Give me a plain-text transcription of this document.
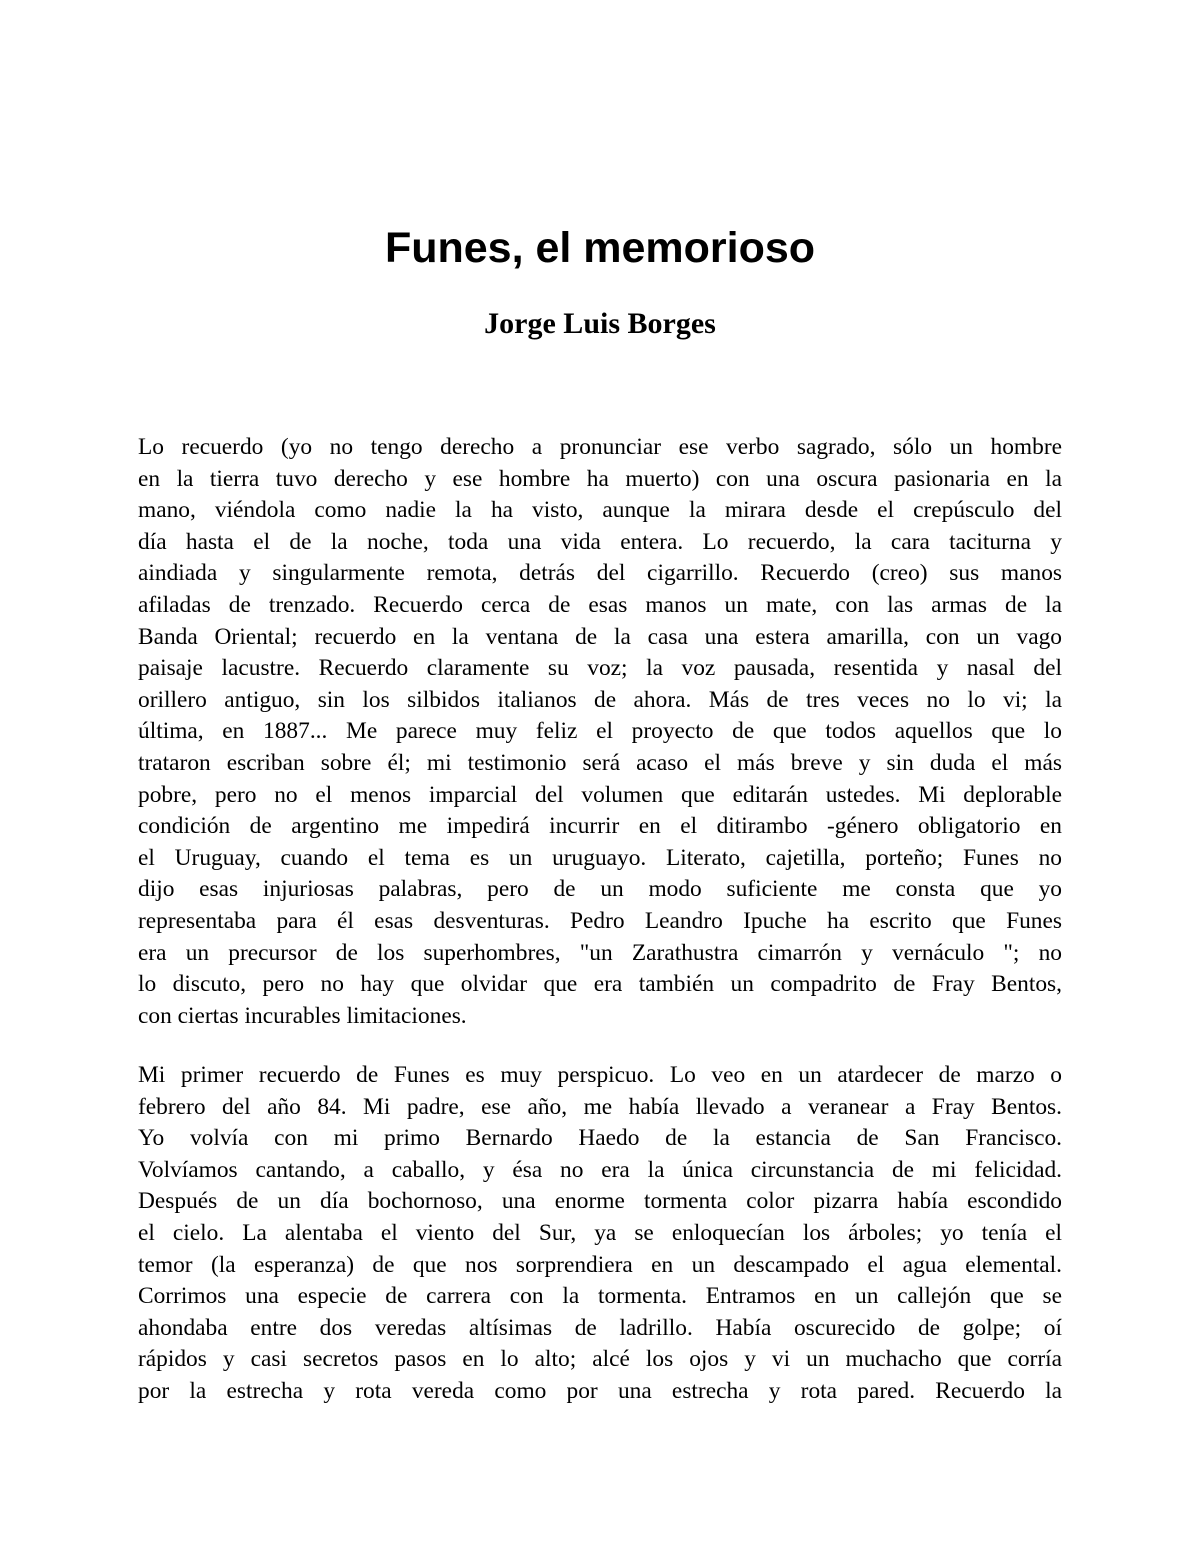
Funes, el memorioso
Jorge Luis Borges

Lo recuerdo (yo no tengo derecho a pronunciar ese verbo sagrado, sólo un hombre
en la tierra tuvo derecho y ese hombre ha muerto) con una oscura pasionaria en la
mano, viéndola como nadie la ha visto, aunque la mirara desde el crepúsculo del
día hasta el de la noche, toda una vida entera. Lo recuerdo, la cara taciturna y
aindiada y singularmente remota, detrás del cigarrillo. Recuerdo (creo) sus manos
afiladas de trenzado. Recuerdo cerca de esas manos un mate, con las armas de la
Banda Oriental; recuerdo en la ventana de la casa una estera amarilla, con un vago
paisaje lacustre. Recuerdo claramente su voz; la voz pausada, resentida y nasal del
orillero antiguo, sin los silbidos italianos de ahora. Más de tres veces no lo vi; la
última, en 1887... Me parece muy feliz el proyecto de que todos aquellos que lo
trataron escriban sobre él; mi testimonio será acaso el más breve y sin duda el más
pobre, pero no el menos imparcial del volumen que editarán ustedes. Mi deplorable
condición de argentino me impedirá incurrir en el ditirambo -género obligatorio en
el Uruguay, cuando el tema es un uruguayo. Literato, cajetilla, porteño; Funes no
dijo esas injuriosas palabras, pero de un modo suficiente me consta que yo
representaba para él esas desventuras. Pedro Leandro Ipuche ha escrito que Funes
era un precursor de los superhombres, "un Zarathustra cimarrón y vernáculo "; no
lo discuto, pero no hay que olvidar que era también un compadrito de Fray Bentos,
con ciertas incurables limitaciones.

Mi primer recuerdo de Funes es muy perspicuo. Lo veo en un atardecer de marzo o
febrero del año 84. Mi padre, ese año, me había llevado a veranear a Fray Bentos.
Yo volvía con mi primo Bernardo Haedo de la estancia de San Francisco.
Volvíamos cantando, a caballo, y ésa no era la única circunstancia de mi felicidad.
Después de un día bochornoso, una enorme tormenta color pizarra había escondido
el cielo. La alentaba el viento del Sur, ya se enloquecían los árboles; yo tenía el
temor (la esperanza) de que nos sorprendiera en un descampado el agua elemental.
Corrimos una especie de carrera con la tormenta. Entramos en un callejón que se
ahondaba entre dos veredas altísimas de ladrillo. Había oscurecido de golpe; oí
rápidos y casi secretos pasos en lo alto; alcé los ojos y vi un muchacho que corría
por la estrecha y rota vereda como por una estrecha y rota pared. Recuerdo la
